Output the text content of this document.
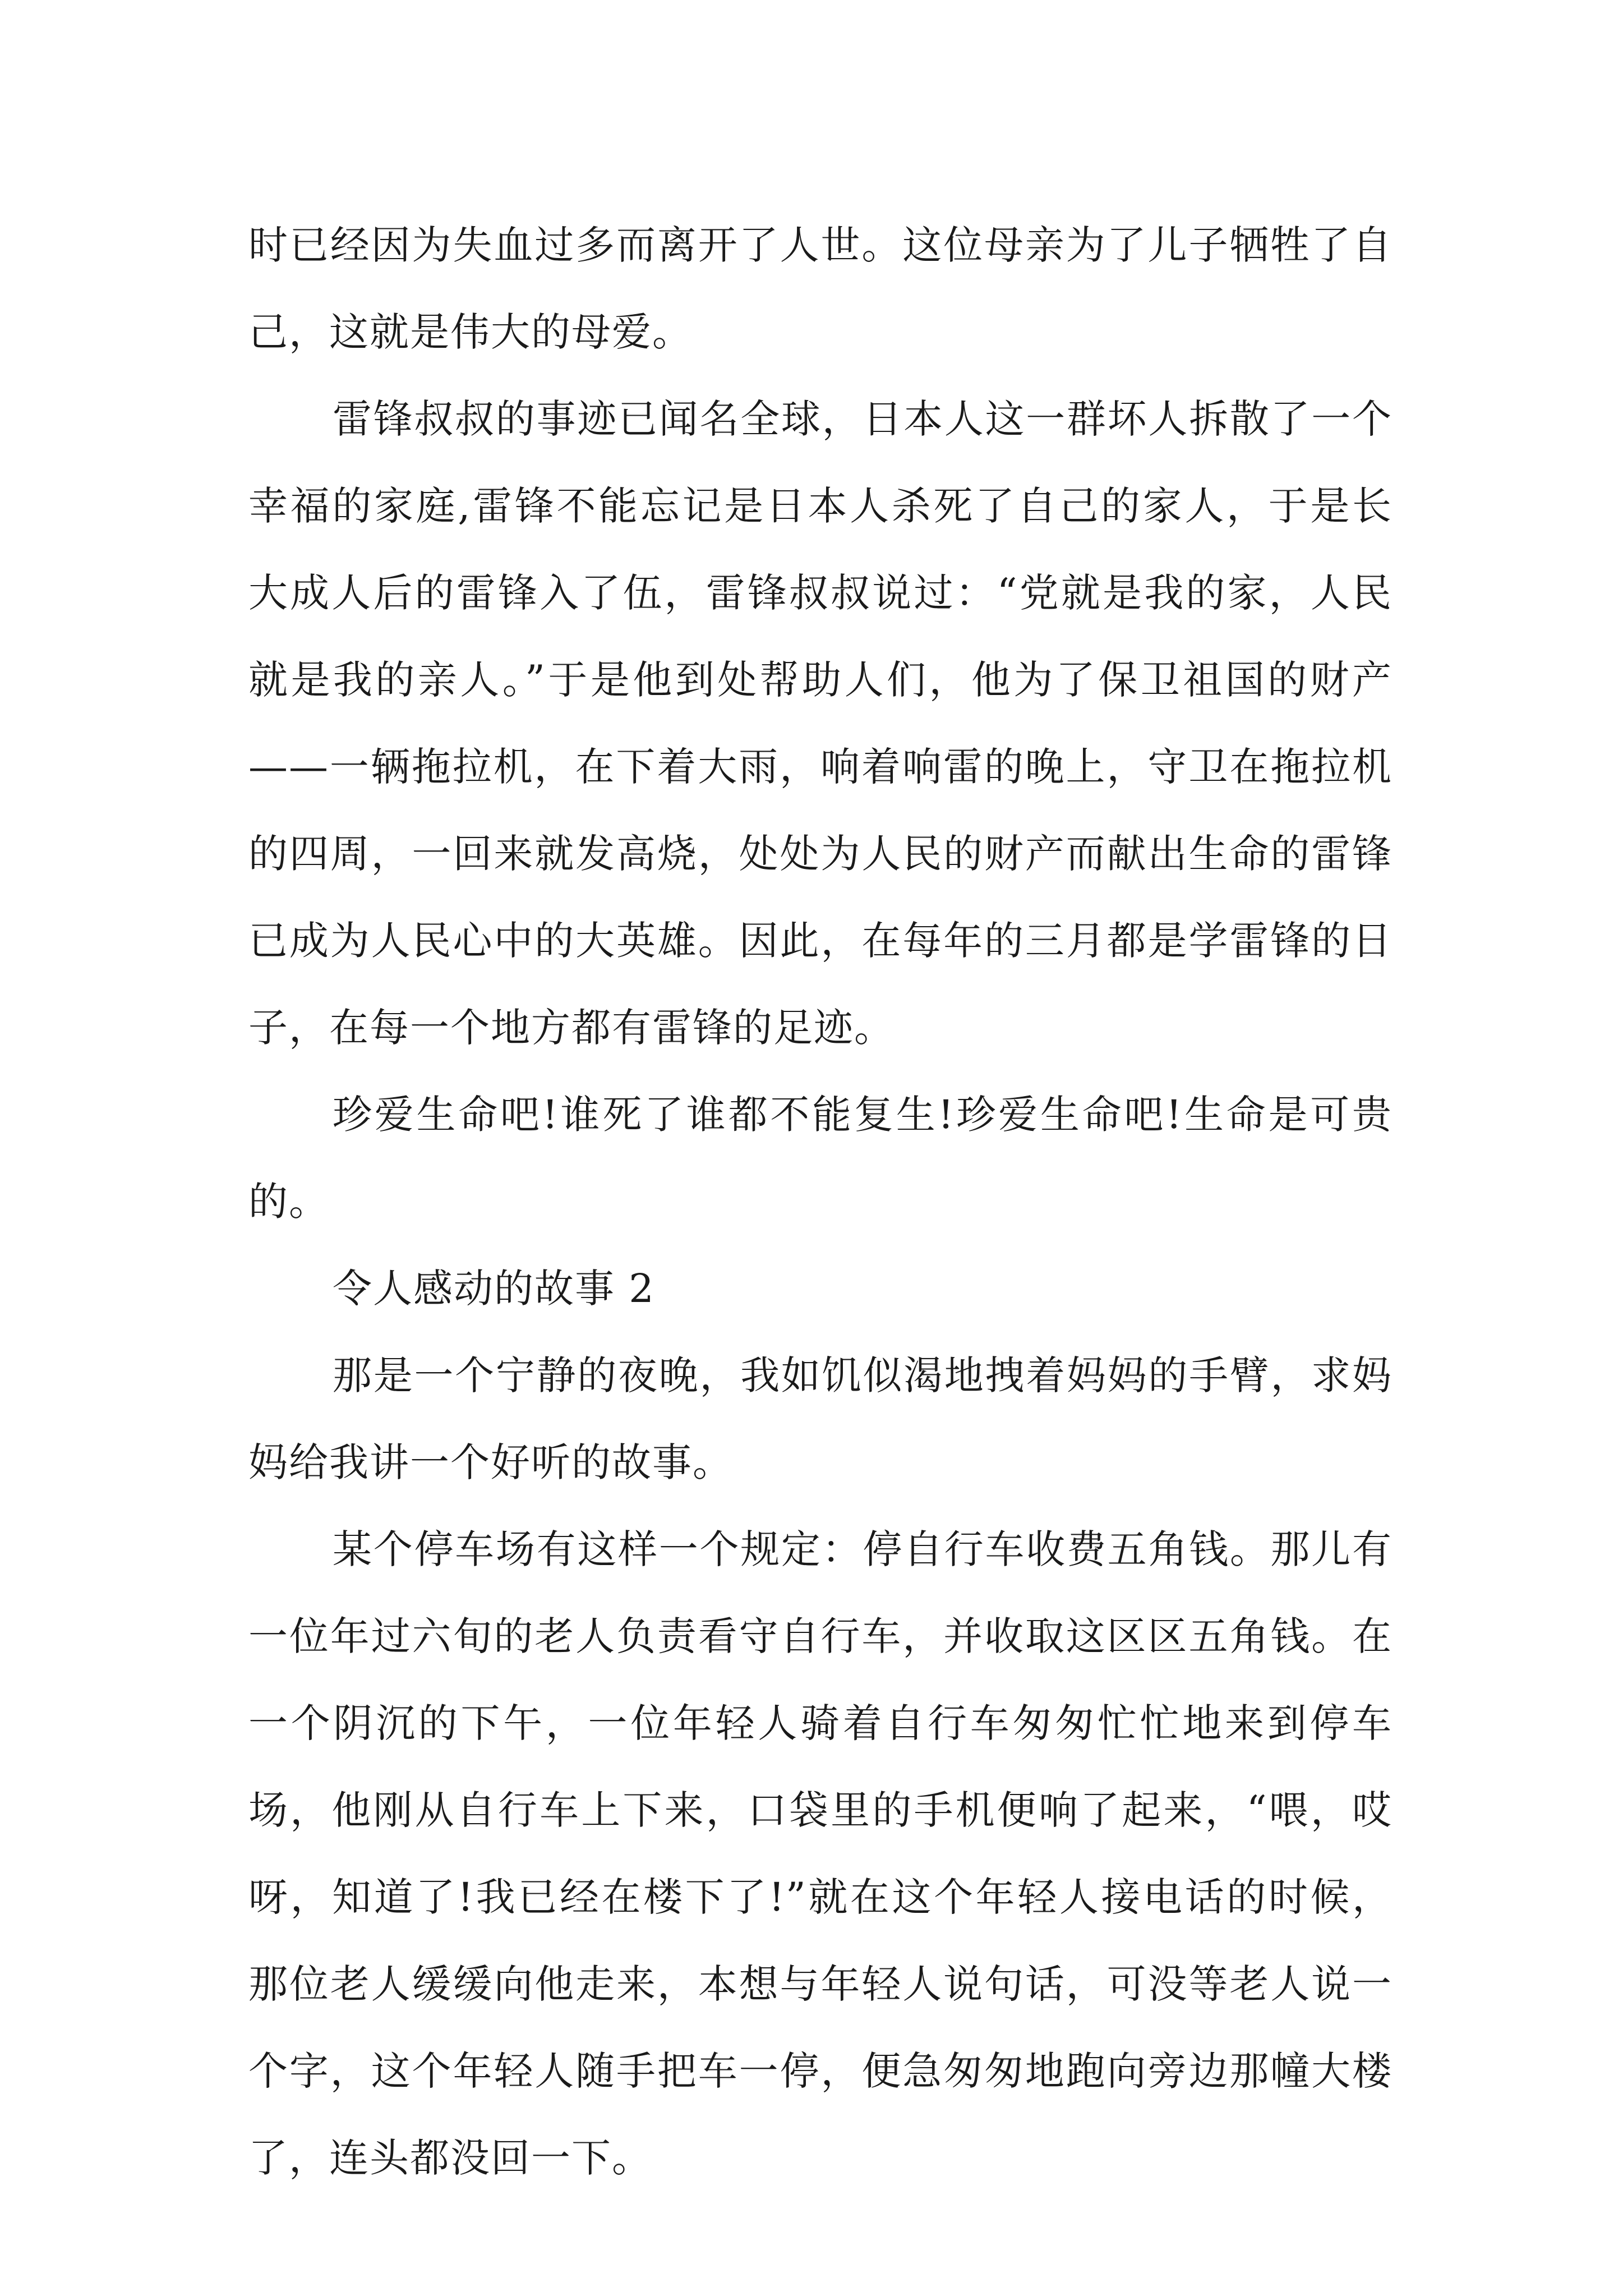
时已经因为失血过多而离开了人世。这位母亲为了儿子牺牲了自己，这就是伟大的母爱。

雷锋叔叔的事迹已闻名全球，日本人这一群坏人拆散了一个幸福的家庭,雷锋不能忘记是日本人杀死了自己的家人，于是长大成人后的雷锋入了伍，雷锋叔叔说过：“党就是我的家，人民就是我的亲人。”于是他到处帮助人们，他为了保卫祖国的财产——一辆拖拉机，在下着大雨，响着响雷的晚上，守卫在拖拉机的四周，一回来就发高烧，处处为人民的财产而献出生命的雷锋已成为人民心中的大英雄。因此，在每年的三月都是学雷锋的日子，在每一个地方都有雷锋的足迹。

珍爱生命吧!谁死了谁都不能复生!珍爱生命吧!生命是可贵的。

令人感动的故事 2

那是一个宁静的夜晚，我如饥似渴地拽着妈妈的手臂，求妈妈给我讲一个好听的故事。

某个停车场有这样一个规定：停自行车收费五角钱。那儿有一位年过六旬的老人负责看守自行车，并收取这区区五角钱。在一个阴沉的下午，一位年轻人骑着自行车匆匆忙忙地来到停车场，他刚从自行车上下来，口袋里的手机便响了起来，“喂，哎呀，知道了!我已经在楼下了!”就在这个年轻人接电话的时候，那位老人缓缓向他走来，本想与年轻人说句话，可没等老人说一个字，这个年轻人随手把车一停，便急匆匆地跑向旁边那幢大楼了，连头都没回一下。
